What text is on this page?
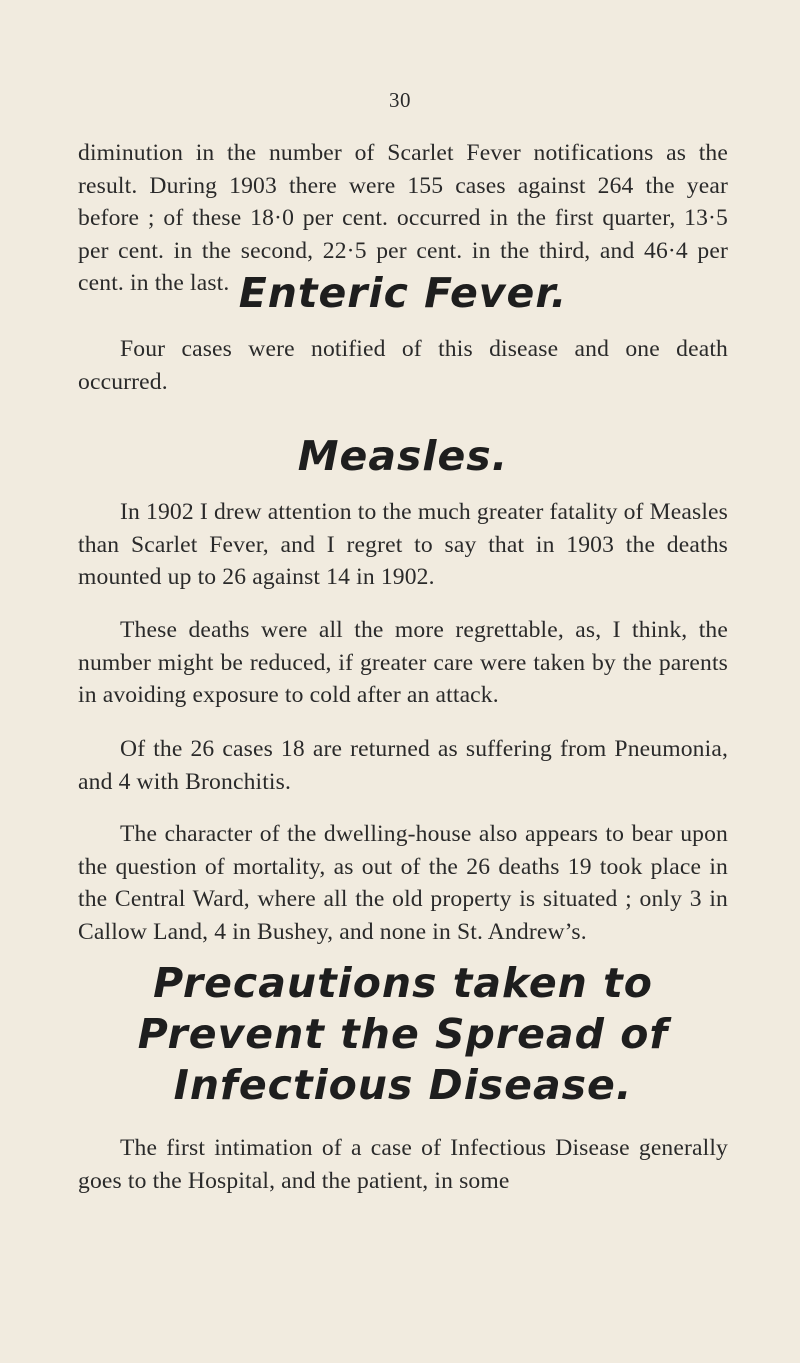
30

diminution in the number of Scarlet Fever notifications as the result. During 1903 there were 155 cases against 264 the year before ; of these 18·0 per cent. occurred in the first quarter, 13·5 per cent. in the second, 22·5 per cent. in the third, and 46·4 per cent. in the last. Enteric Fever.

Four cases were notified of this disease and one death occurred.

Measles.

In 1902 I drew attention to the much greater fatality of Measles than Scarlet Fever, and I regret to say that in 1903 the deaths mounted up to 26 against 14 in 1902.

These deaths were all the more regrettable, as, I think, the number might be reduced, if greater care were taken by the parents in avoiding exposure to cold after an attack.

Of the 26 cases 18 are returned as suffering from Pneumonia, and 4 with Bronchitis.

The character of the dwelling-house also appears to bear upon the question of mortality, as out of the 26 deaths 19 took place in the Central Ward, where all the old property is situated ; only 3 in Callow Land, 4 in Bushey, and none in St. Andrew’s.

Precautions taken to
Prevent the Spread of
Infectious Disease.

The first intimation of a case of Infectious Disease generally goes to the Hospital, and the patient, in some
